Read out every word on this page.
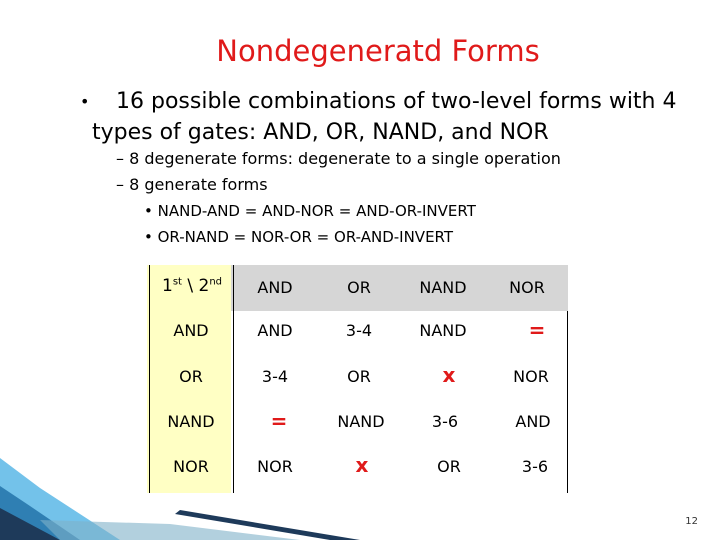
Nondegeneratd Forms
• 16 possible combinations of two-level forms with 4
types of gates: AND, OR, NAND, and NOR
– 8 degenerate forms: degenerate to a single operation
– 8 generate forms
• NAND-AND = AND-NOR = AND-OR-INVERT
• OR-NAND = NOR-OR = OR-AND-INVERT
1st \ 2nd	AND	OR	NAND	NOR
AND	AND	3-4	NAND	=
OR	3-4	OR	x	NOR
NAND	=	NAND	3-6	AND
NOR	NOR	x	OR	3-6
12
